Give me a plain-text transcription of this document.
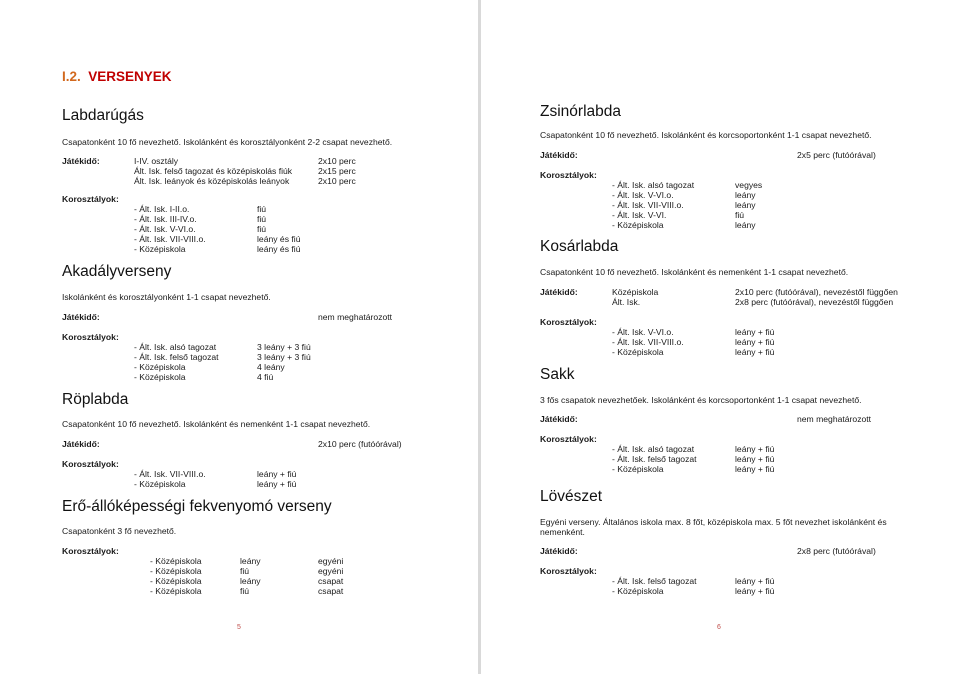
I.2. VERSENYEK
Labdarúgás
Csapatonként 10 fő nevezhető. Iskolánként és korosztályonként 2-2 csapat nevezhető.
Játékidő:	I-IV. osztály	2x10 perc
Ált. Isk. felső tagozat és középiskolás fiúk	2x15 perc
Ált. Isk. leányok és középiskolás leányok	2x10 perc
Korosztályok:
- Ált. Isk. I-II.o.	fiú
- Ált. Isk. III-IV.o.	fiú
- Ált. Isk. V-VI.o.	fiú
- Ált. Isk. VII-VIII.o.	leány és fiú
- Középiskola	leány és fiú
Akadályverseny
Iskolánként és korosztályonként 1-1 csapat nevezhető.
Játékidő:	nem meghatározott
Korosztályok:
- Ált. Isk. alsó tagozat	3 leány + 3 fiú
- Ált. Isk. felső tagozat	3 leány + 3 fiú
- Középiskola	4 leány
- Középiskola	4 fiú
Röplabda
Csapatonként 10 fő nevezhető. Iskolánként és nemenként 1-1 csapat nevezhető.
Játékidő:	2x10 perc (futóórával)
Korosztályok:
- Ált. Isk. VII-VIII.o.	leány + fiú
- Középiskola	leány + fiú
Erő-állóképességi fekvenyomó verseny
Csapatonként 3 fő nevezhető.
Korosztályok:
- Középiskola	leány	egyéni
- Középiskola	fiú	egyéni
- Középiskola	leány	csapat
- Középiskola	fiú	csapat
5
Zsinórlabda
Csapatonként 10 fő nevezhető. Iskolánként és korcsoportonként 1-1 csapat nevezhető.
Játékidő:	2x5 perc (futóórával)
Korosztályok:
- Ált. Isk. alsó tagozat	vegyes
- Ált. Isk. V-VI.o.	leány
- Ált. Isk. VII-VIII.o.	leány
- Ált. Isk. V-VI.	fiú
- Középiskola	leány
Kosárlabda
Csapatonként 10 fő nevezhető. Iskolánként és nemenként 1-1 csapat nevezhető.
Játékidő:	Középiskola	2x10 perc (futóórával), nevezéstől függően
Ált. Isk.	2x8 perc (futóórával), nevezéstől függően
Korosztályok:
- Ált. Isk. V-VI.o.	leány + fiú
- Ált. Isk. VII-VIII.o.	leány + fiú
- Középiskola	leány + fiú
Sakk
3 fős csapatok nevezhetőek. Iskolánként és korcsoportonként 1-1 csapat nevezhető.
Játékidő:	nem meghatározott
Korosztályok:
- Ált. Isk. alsó tagozat	leány + fiú
- Ált. Isk. felső tagozat	leány + fiú
- Középiskola	leány + fiú
Lövészet
Egyéni verseny. Általános iskola max. 8 főt, középiskola max. 5 főt nevezhet iskolánként és
nemenként.
Játékidő:	2x8 perc (futóórával)
Korosztályok:
- Ált. Isk. felső tagozat	leány + fiú
- Középiskola	leány + fiú
6
